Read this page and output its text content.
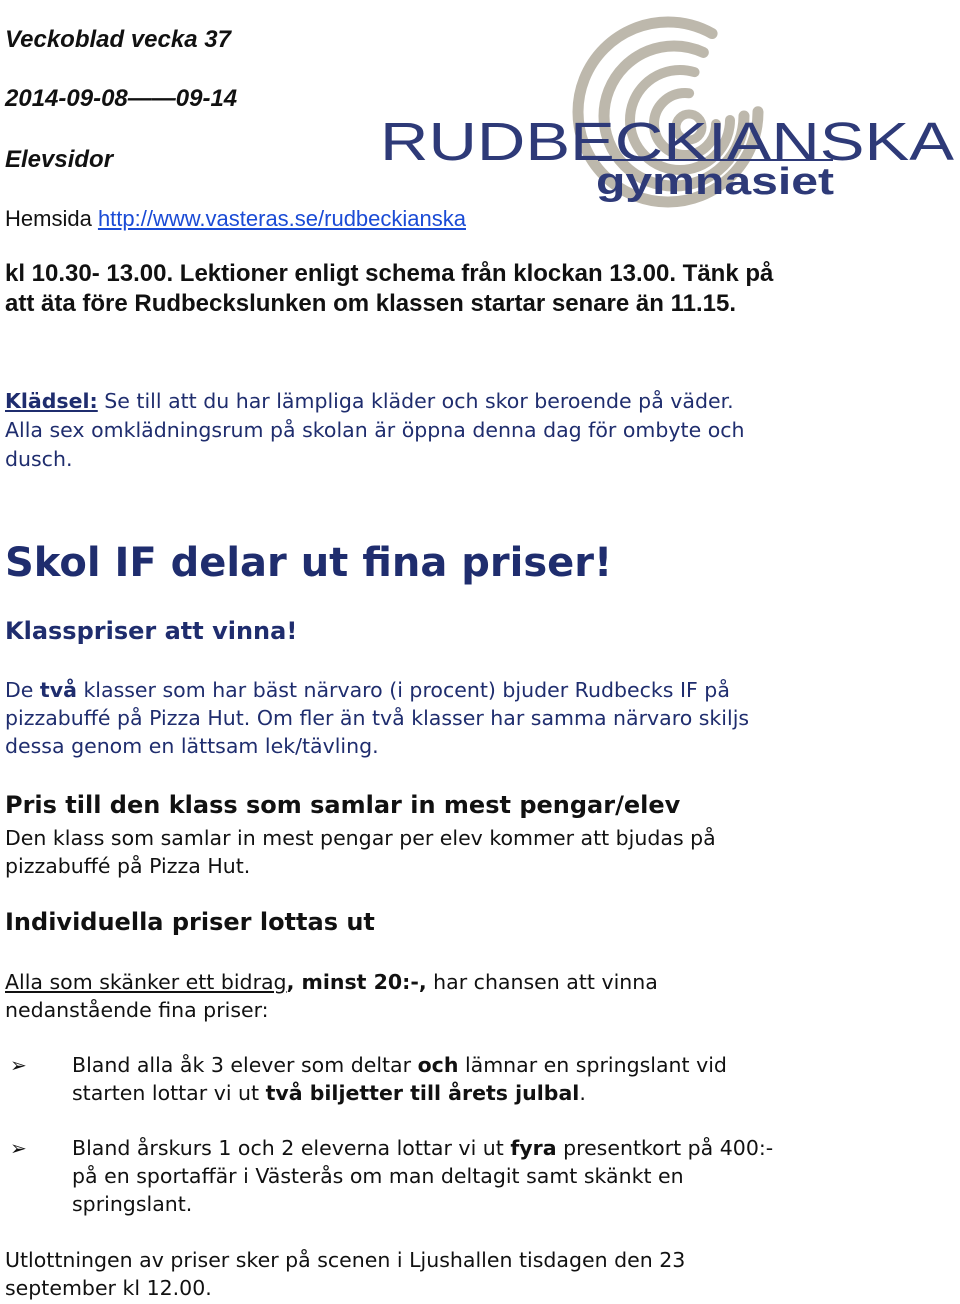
Veckoblad vecka 37

2014-09-08——09-14

Elevsidor

Hemsida http://www.vasteras.se/rudbeckianska

RUDBECKIANSKA
gymnasiet
kl 10.30- 13.00. Lektioner enligt schema från klockan 13.00. Tänk på
att äta före Rudbeckslunken om klassen startar senare än 11.15.
Klädsel: Se till att du har lämpliga kläder och skor beroende på väder.
Alla sex omklädningsrum på skolan är öppna denna dag för ombyte och
dusch.
Skol IF delar ut fina priser!
Klasspriser att vinna!
De två klasser som har bäst närvaro (i procent) bjuder Rudbecks IF på
pizzabuffé på Pizza Hut. Om fler än två klasser har samma närvaro skiljs
dessa genom en lättsam lek/tävling.
Pris till den klass som samlar in mest pengar/elev
Den klass som samlar in mest pengar per elev kommer att bjudas på
pizzabuffé på Pizza Hut.
Individuella priser lottas ut
Alla som skänker ett bidrag, minst 20:-, har chansen att vinna
nedanstående fina priser:
➢ Bland alla åk 3 elever som deltar och lämnar en springslant vid
starten lottar vi ut två biljetter till årets julbal.
➢ Bland årskurs 1 och 2 eleverna lottar vi ut fyra presentkort på 400:-
på en sportaffär i Västerås om man deltagit samt skänkt en
springslant.
Utlottningen av priser sker på scenen i Ljushallen tisdagen den 23
september kl 12.00.
